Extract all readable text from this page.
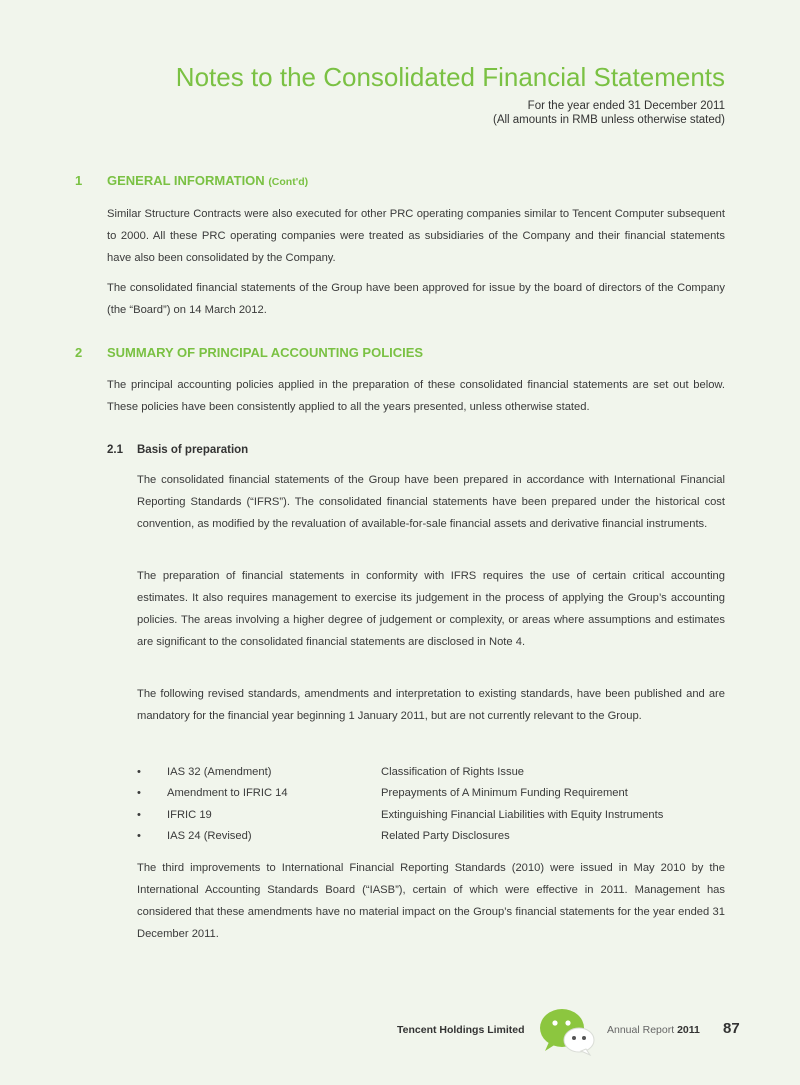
Notes to the Consolidated Financial Statements
For the year ended 31 December 2011
(All amounts in RMB unless otherwise stated)
1 GENERAL INFORMATION (Cont'd)

Similar Structure Contracts were also executed for other PRC operating companies similar to Tencent Computer subsequent to 2000. All these PRC operating companies were treated as subsidiaries of the Company and their financial statements have also been consolidated by the Company.

The consolidated financial statements of the Group have been approved for issue by the board of directors of the Company (the “Board”) on 14 March 2012.

2 SUMMARY OF PRINCIPAL ACCOUNTING POLICIES

The principal accounting policies applied in the preparation of these consolidated financial statements are set out below. These policies have been consistently applied to all the years presented, unless otherwise stated.

2.1 Basis of preparation

The consolidated financial statements of the Group have been prepared in accordance with International Financial Reporting Standards (“IFRS”). The consolidated financial statements have been prepared under the historical cost convention, as modified by the revaluation of available-for-sale financial assets and derivative financial instruments.

The preparation of financial statements in conformity with IFRS requires the use of certain critical accounting estimates. It also requires management to exercise its judgement in the process of applying the Group’s accounting policies. The areas involving a higher degree of judgement or complexity, or areas where assumptions and estimates are significant to the consolidated financial statements are disclosed in Note 4.

The following revised standards, amendments and interpretation to existing standards, have been published and are mandatory for the financial year beginning 1 January 2011, but are not currently relevant to the Group.

•	IAS 32 (Amendment)	Classification of Rights Issue
•	Amendment to IFRIC 14	Prepayments of A Minimum Funding Requirement
•	IFRIC 19	Extinguishing Financial Liabilities with Equity Instruments
•	IAS 24 (Revised)	Related Party Disclosures

The third improvements to International Financial Reporting Standards (2010) were issued in May 2010 by the International Accounting Standards Board (“IASB”), certain of which were effective in 2011. Management has considered that these amendments have no material impact on the Group’s financial statements for the year ended 31 December 2011.

Tencent Holdings Limited	Annual Report 2011 87
